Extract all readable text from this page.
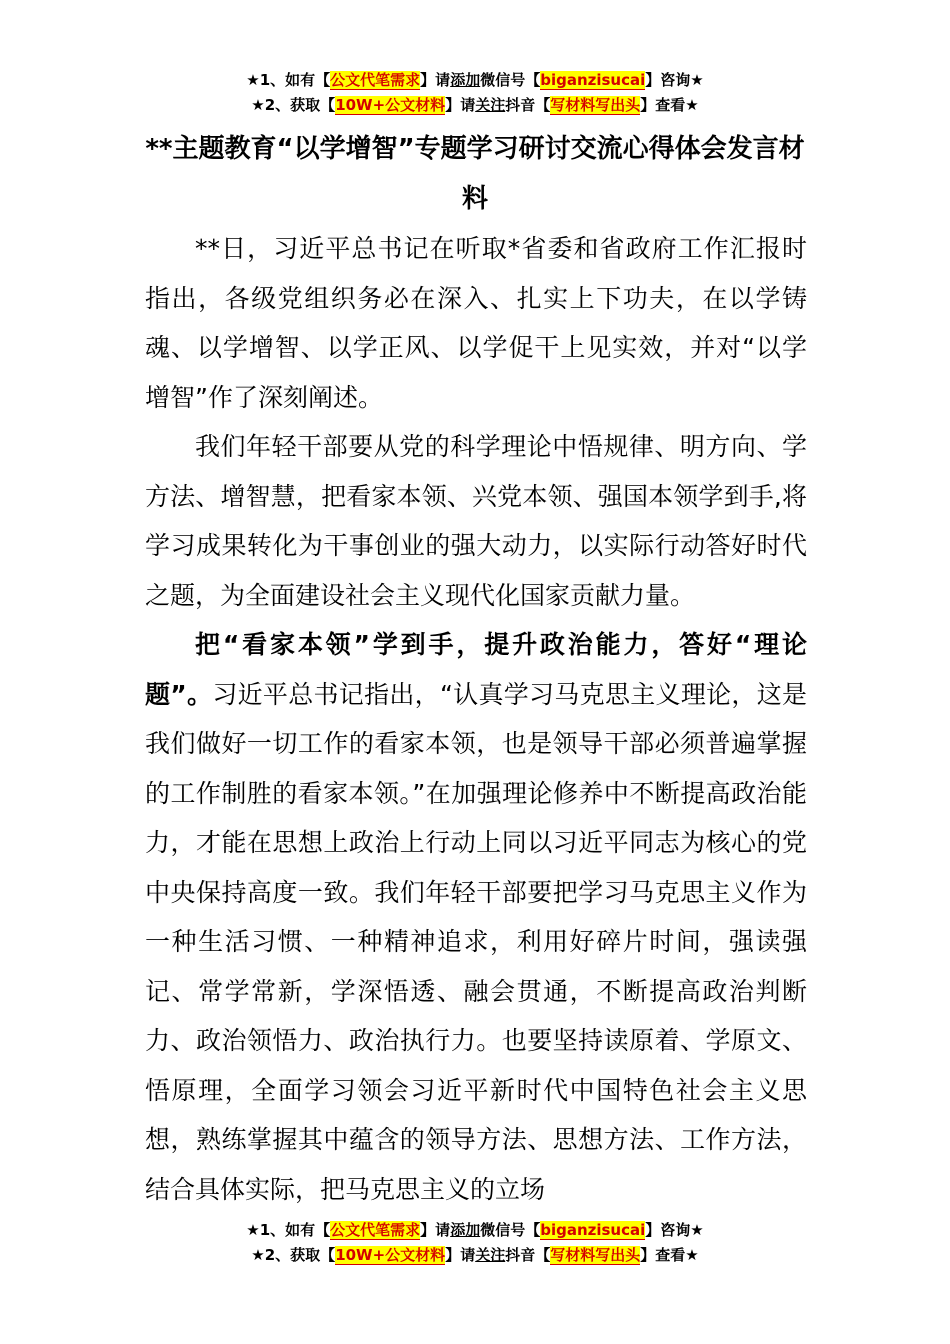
★1、如有【公文代笔需求】请添加微信号【biganzisucai】咨询★
★2、获取【10W+公文材料】请关注抖音【写材料写出头】查看★
**主题教育“以学增智”专题学习研讨交流心得体会发言材料

**日，习近平总书记在听取*省委和省政府工作汇报时指出，各级党组织务必在深入、扎实上下功夫，在以学铸魂、以学增智、以学正风、以学促干上见实效，并对“以学增智”作了深刻阐述。

我们年轻干部要从党的科学理论中悟规律、明方向、学方法、增智慧，把看家本领、兴党本领、强国本领学到手,将学习成果转化为干事创业的强大动力，以实际行动答好时代之题，为全面建设社会主义现代化国家贡献力量。

把“看家本领”学到手，提升政治能力，答好“理论题”。习近平总书记指出，“认真学习马克思主义理论，这是我们做好一切工作的看家本领，也是领导干部必须普遍掌握的工作制胜的看家本领。”在加强理论修养中不断提高政治能力，才能在思想上政治上行动上同以习近平同志为核心的党中央保持高度一致。我们年轻干部要把学习马克思主义作为一种生活习惯、一种精神追求，利用好碎片时间，强读强记、常学常新，学深悟透、融会贯通，不断提高政治判断力、政治领悟力、政治执行力。也要坚持读原着、学原文、悟原理，全面学习领会习近平新时代中国特色社会主义思想，熟练掌握其中蕴含的领导方法、思想方法、工作方法，结合具体实际，把马克思主义的立场

★1、如有【公文代笔需求】请添加微信号【biganzisucai】咨询★
★2、获取【10W+公文材料】请关注抖音【写材料写出头】查看★
